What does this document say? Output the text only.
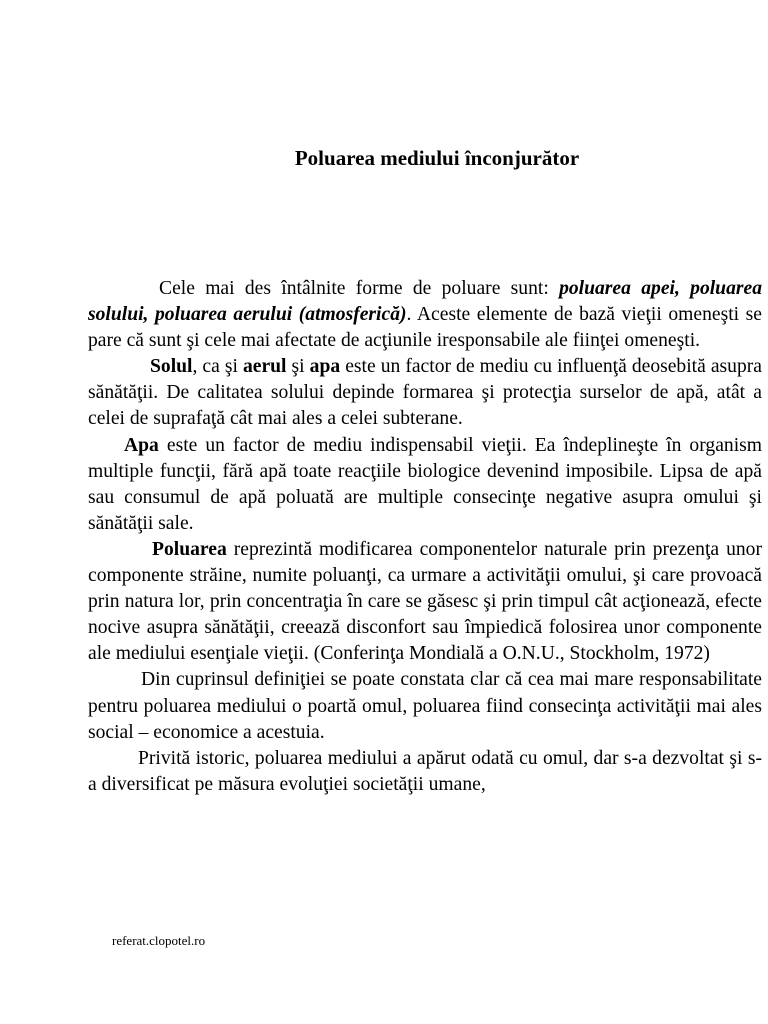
Poluarea mediului înconjurător

Cele mai des întâlnite forme de poluare sunt: poluarea apei, poluarea solului, poluarea aerului (atmosferică). Aceste elemente de bază vieţii omeneşti se pare că sunt şi cele mai afectate de acţiunile iresponsabile ale fiinţei omeneşti.

Solul, ca şi aerul şi apa este un factor de mediu cu influenţă deosebită asupra sănătăţii. De calitatea solului depinde formarea şi protecţia surselor de apă, atât a celei de suprafaţă cât mai ales a celei subterane.

Apa este un factor de mediu indispensabil vieţii. Ea îndeplineşte în organism multiple funcţii, fără apă toate reacţiile biologice devenind imposibile. Lipsa de apă sau consumul de apă poluată are multiple consecinţe negative asupra omului şi sănătăţii sale.

Poluarea reprezintă modificarea componentelor naturale prin prezenţa unor componente străine, numite poluanţi, ca urmare a activităţii omului, şi care provoacă prin natura lor, prin concentraţia în care se găsesc şi prin timpul cât acţionează, efecte nocive asupra sănătăţii, creează disconfort sau împiedică folosirea unor componente ale mediului esenţiale vieţii. (Conferinţa Mondială a O.N.U., Stockholm, 1972)

Din cuprinsul definiţiei se poate constata clar că cea mai mare responsabilitate pentru poluarea mediului o poartă omul, poluarea fiind consecinţa activităţii mai ales social – economice a acestuia.

Privită istoric, poluarea mediului a apărut odată cu omul, dar s-a dezvoltat şi s-a diversificat pe măsura evoluţiei societăţii umane,

referat.clopotel.ro
